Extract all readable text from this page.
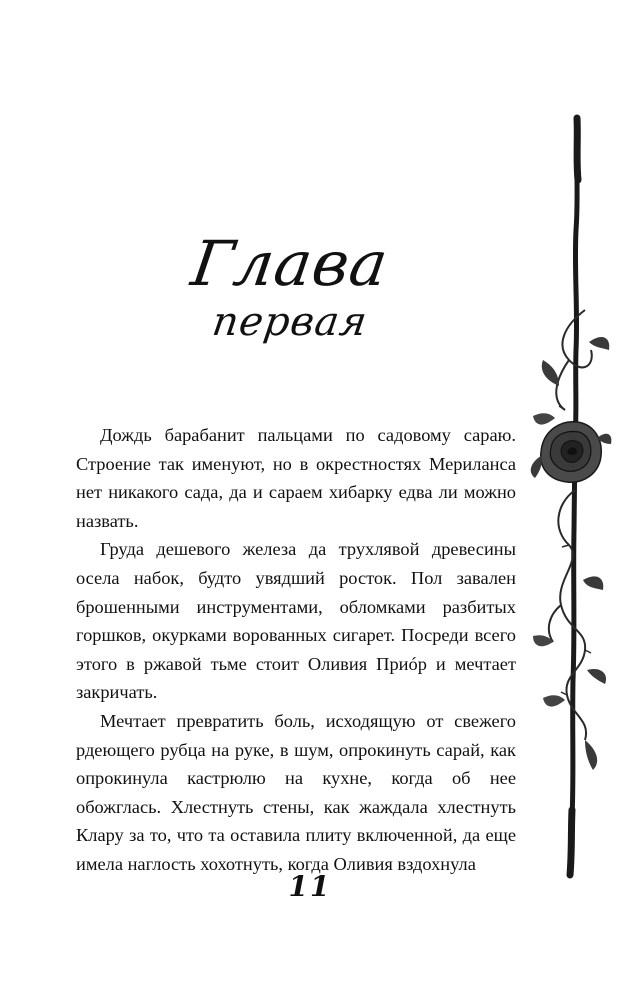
Глава
первая

Дождь барабанит пальцами по садовому сараю. Строение так именуют, но в окрестностях Мериланса нет никакого сада, да и сараем хибарку едва ли можно назвать.

Груда дешевого железа да трухлявой древесины осела набок, будто увядший росток. Пол завален брошенными инструментами, обломками разбитых горшков, окурками ворованных сигарет. Посреди всего этого в ржавой тьме стоит Оливия Приóр и мечтает закричать.

Мечтает превратить боль, исходящую от свежего рдеющего рубца на руке, в шум, опрокинуть сарай, как опрокинула кастрюлю на кухне, когда об нее обожглась. Хлестнуть стены, как жаждала хлестнуть Клару за то, что та оставила плиту включенной, да еще имела наглость хохотнуть, когда Оливия вздохнула

11
